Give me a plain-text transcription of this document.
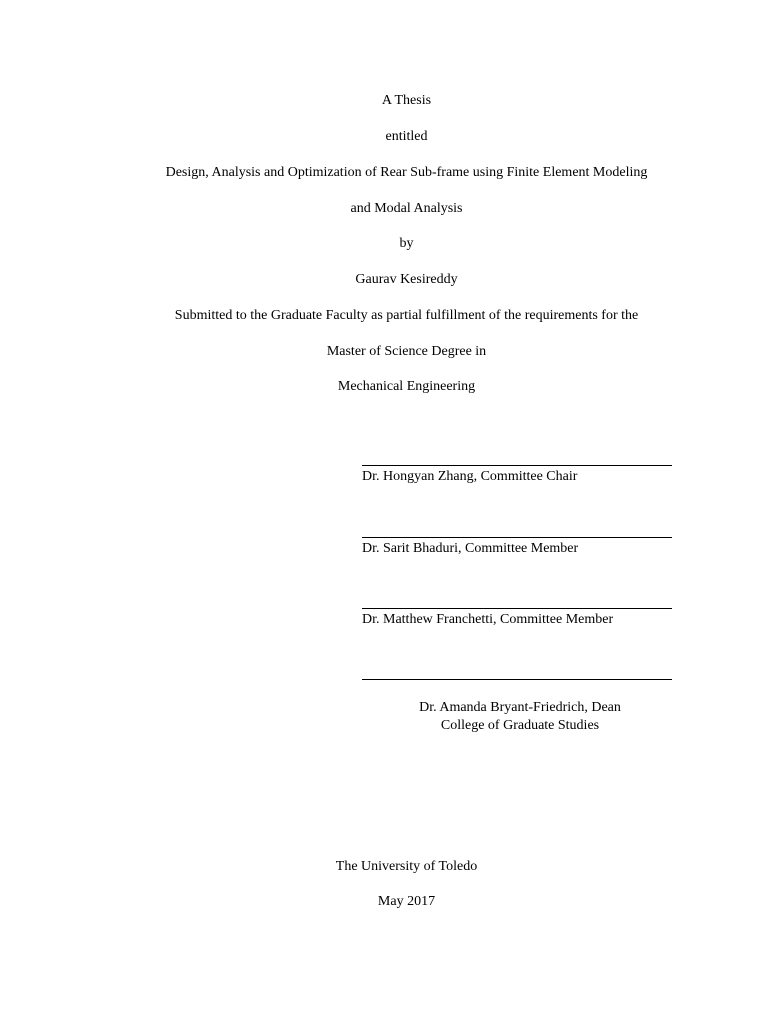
A Thesis
entitled
Design, Analysis and Optimization of Rear Sub-frame using Finite Element Modeling
and Modal Analysis
by
Gaurav Kesireddy
Submitted to the Graduate Faculty as partial fulfillment of the requirements for the
Master of Science Degree in
Mechanical Engineering
Dr. Hongyan Zhang, Committee Chair
Dr. Sarit Bhaduri, Committee Member
Dr. Matthew Franchetti, Committee Member
Dr. Amanda Bryant-Friedrich, Dean
College of Graduate Studies
The University of Toledo
May 2017
